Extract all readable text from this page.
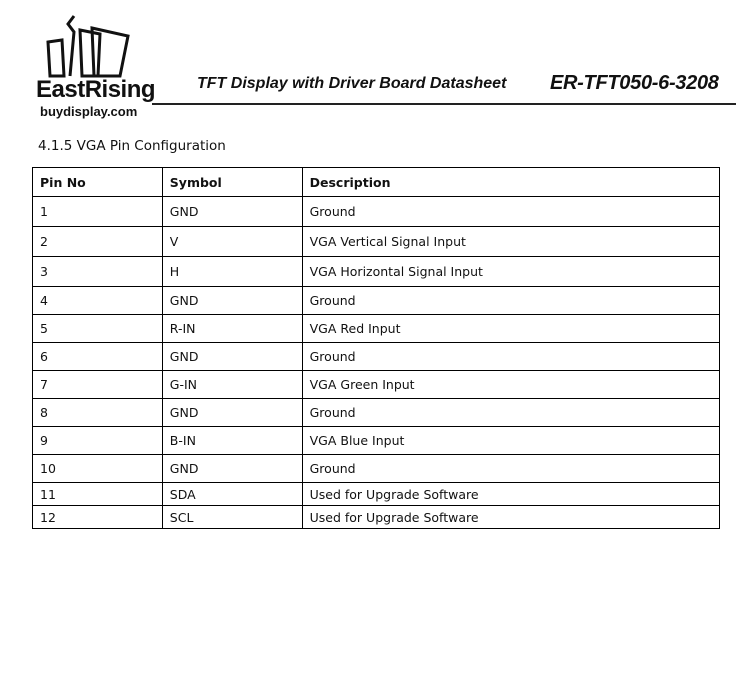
EastRising
buydisplay.com
TFT Display with Driver Board Datasheet ER-TFT050-6-3208
4.1.5 VGA Pin Configuration
Pin No	Symbol	Description
1	GND	Ground
2	V	VGA Vertical Signal Input
3	H	VGA Horizontal Signal Input
4	GND	Ground
5	R-IN	VGA Red Input
6	GND	Ground
7	G-IN	VGA Green Input
8	GND	Ground
9	B-IN	VGA Blue Input
10	GND	Ground
11	SDA	Used for Upgrade Software
12	SCL	Used for Upgrade Software
